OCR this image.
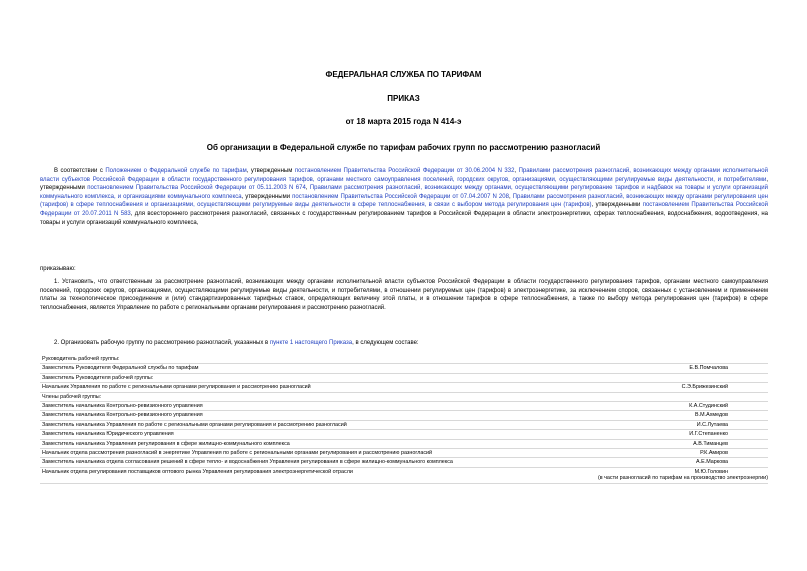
ФЕДЕРАЛЬНАЯ СЛУЖБА ПО ТАРИФАМ
ПРИКАЗ
от 18 марта 2015 года N 414-э
Об организации в Федеральной службе по тарифам рабочих групп по рассмотрению разногласий
В соответствии с Положением о Федеральной службе по тарифам, утвержденным постановлением Правительства Российской Федерации от 30.06.2004 N 332, Правилами рассмотрения разногласий, возникающих между органами исполнительной власти субъектов Российской Федерации в области государственного регулирования тарифов, органами местного самоуправления поселений, городских округов, организациями, осуществляющими регулируемые виды деятельности, и потребителями, утвержденными постановлением Правительства Российской Федерации от 05.11.2003 N 674, Правилами рассмотрения разногласий, возникающих между органами, осуществляющими регулирование тарифов и надбавок на товары и услуги организаций коммунального комплекса, и организациями коммунального комплекса, утвержденными постановлением Правительства Российской Федерации от 07.04.2007 N 208, Правилами рассмотрения разногласий, возникающих между органами регулирования цен (тарифов) в сфере теплоснабжения и организациями, осуществляющими регулируемые виды деятельности в сфере теплоснабжения, в связи с выбором метода регулирования цен (тарифов), утвержденными постановлением Правительства Российской Федерации от 20.07.2011 N 583, для всестороннего рассмотрения разногласий, связанных с государственным регулированием тарифов в Российской Федерации в области электроэнергетики, сферах теплоснабжения, водоснабжения, водоотведения, на товары и услуги организаций коммунального комплекса,
приказываю:
1. Установить, что ответственным за рассмотрение разногласий, возникающих между органами исполнительной власти субъектов Российской Федерации в области государственного регулирования тарифов, органами местного самоуправления поселений, городских округов, организациями, осуществляющими регулируемые виды деятельности, и потребителями, в отношении регулируемых цен (тарифов) в электроэнергетике, за исключением споров, связанных с установлением и применением платы за технологическое присоединение и (или) стандартизированных тарифных ставок, определяющих величину этой платы, и в отношении тарифов в сфере теплоснабжения, а также по выбору метода регулирования цен (тарифов) в сфере теплоснабжения, является Управление по работе с региональными органами регулирования и рассмотрению разногласий.
2. Организовать рабочую группу по рассмотрению разногласий, указанных в пункте 1 настоящего Приказа, в следующем составе:
Руководитель рабочей группы:	

Заместитель Руководителя Федеральной службы по тарифам	Е.В.Помчалова

Заместитель Руководителя рабочей группы:	

Начальник Управления по работе с региональными органами регулирования и рассмотрению разногласий	С.Э.Брижезинский

Члены рабочей группы:	

Заместитель начальника Контрольно-ревизионного управления	К.А.Студинский

Заместитель начальника Контрольно-ревизионного управления	В.М.Ахмедов

Заместитель начальника Управления по работе с региональными органами регулирования и рассмотрению разногласий	И.С.Лутаева

Заместитель начальника Юридического управления	И.Г.Степаненко

Заместитель начальника Управления регулирования в сфере жилищно-коммунального комплекса	А.В.Тиманцев

Начальник отдела рассмотрения разногласий в энергетике Управления по работе с региональными органами регулирования и рассмотрению разногласий	Р.К.Амиров

Заместитель начальника отдела согласования решений в сфере тепло- и водоснабжения Управления регулирования в сфере жилищно-коммунального комплекса	А.Е.Маркова

Начальник отдела регулирования поставщиков оптового рынка Управления регулирования электроэнергетической отрасли	М.Ю.Головин
(в части разногласий по тарифам на производство электроэнергии)
